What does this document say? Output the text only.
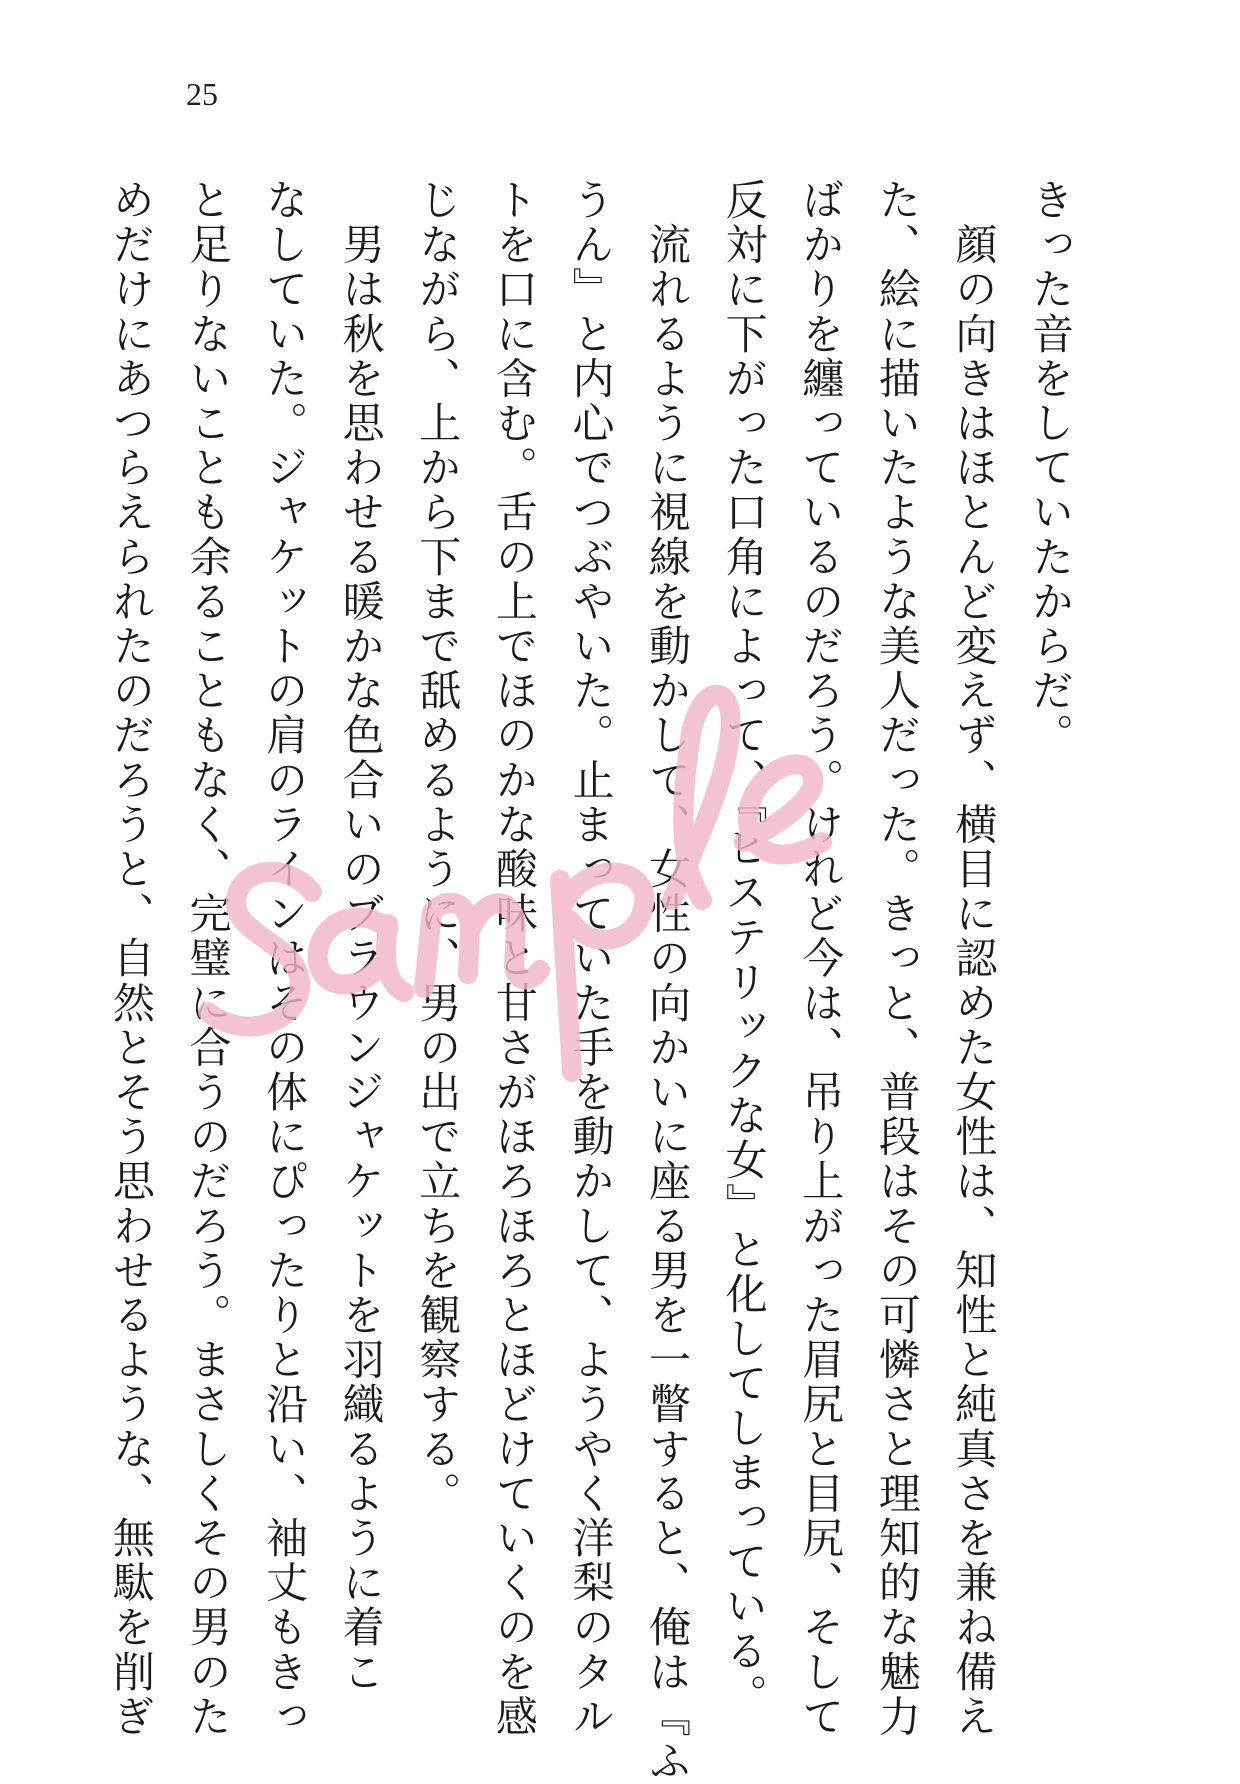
25
きった音をしていたからだ。
　顔の向きはほとんど変えず、横目に認めた女性は、知性と純真さを兼ね備え
た、絵に描いたような美人だった。きっと、普段はその可憐さと理知的な魅力
ばかりを纏っているのだろう。けれど今は、吊り上がった眉尻と目尻、そして
反対に下がった口角によって、『ヒステリックな女』と化してしまっている。
　流れるように視線を動かして、女性の向かいに座る男を一瞥すると、俺は『ふ
うん』と内心でつぶやいた。止まっていた手を動かして、ようやく洋梨のタル
トを口に含む。舌の上でほのかな酸味と甘さがほろほろとほどけていくのを感
じながら、上から下まで舐めるように、男の出で立ちを観察する。
　男は秋を思わせる暖かな色合いのブラウンジャケットを羽織るように着こ
なしていた。ジャケットの肩のラインはその体にぴったりと沿い、袖丈もきっ
と足りないことも余ることもなく、完璧に合うのだろう。まさしくその男のた
めだけにあつらえられたのだろうと、自然とそう思わせるような、無駄を削ぎ
